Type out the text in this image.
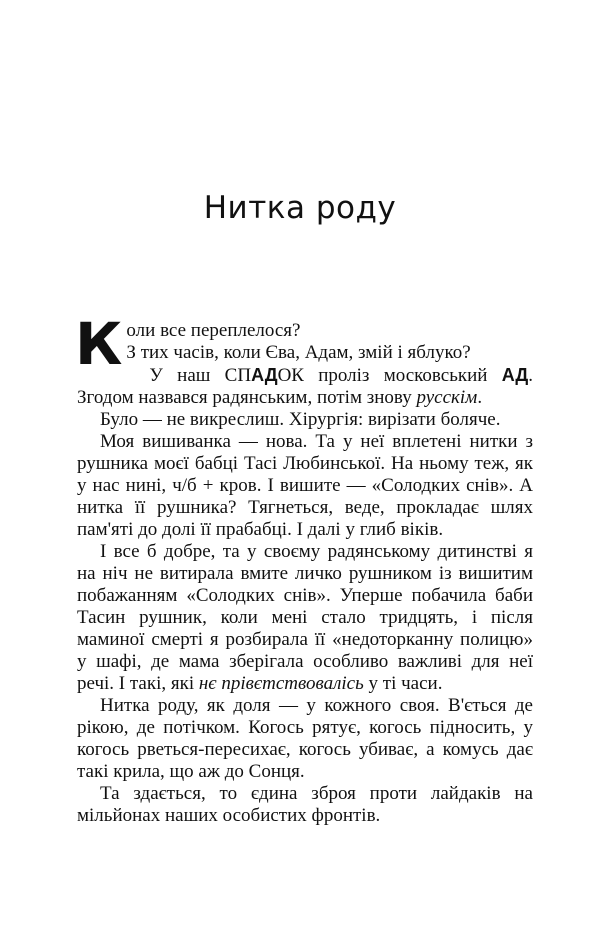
Нитка роду

К оли все переплелося?
З тих часів, коли Єва, Адам, змій і яблуко?

У наш СПАДОК проліз московський АД. Згодом назвався радянським, потім знову русскім.

Було — не викреслиш. Хірургія: вирізати боляче.

Моя вишиванка — нова. Та у неї вплетені нитки з рушника моєї бабці Тасі Любинської. На ньому теж, як у нас нині, ч/б + кров. І вишите — «Солодких снів». А нитка її рушника? Тягнеться, веде, прокладає шлях пам'яті до долі її прабабці. І далі у глиб віків.

І все б добре, та у своєму радянському дитинстві я на ніч не витирала вмите личко рушником із вишитим побажанням «Солодких снів». Уперше побачила баби Тасин рушник, коли мені стало тридцять, і після маминої смерті я розбирала її «недоторканну полицю» у шафі, де мама зберігала особливо важливі для неї речі. І такі, які нє прівєтствовалісь у ті часи.

Нитка роду, як доля — у кожного своя. В'ється де рікою, де потічком. Когось рятує, когось підносить, у когось рветься-пересихає, когось убиває, а комусь дає такі крила, що аж до Сонця.

Та здається, то єдина зброя проти лайдаків на мільйонах наших особистих фронтів.
